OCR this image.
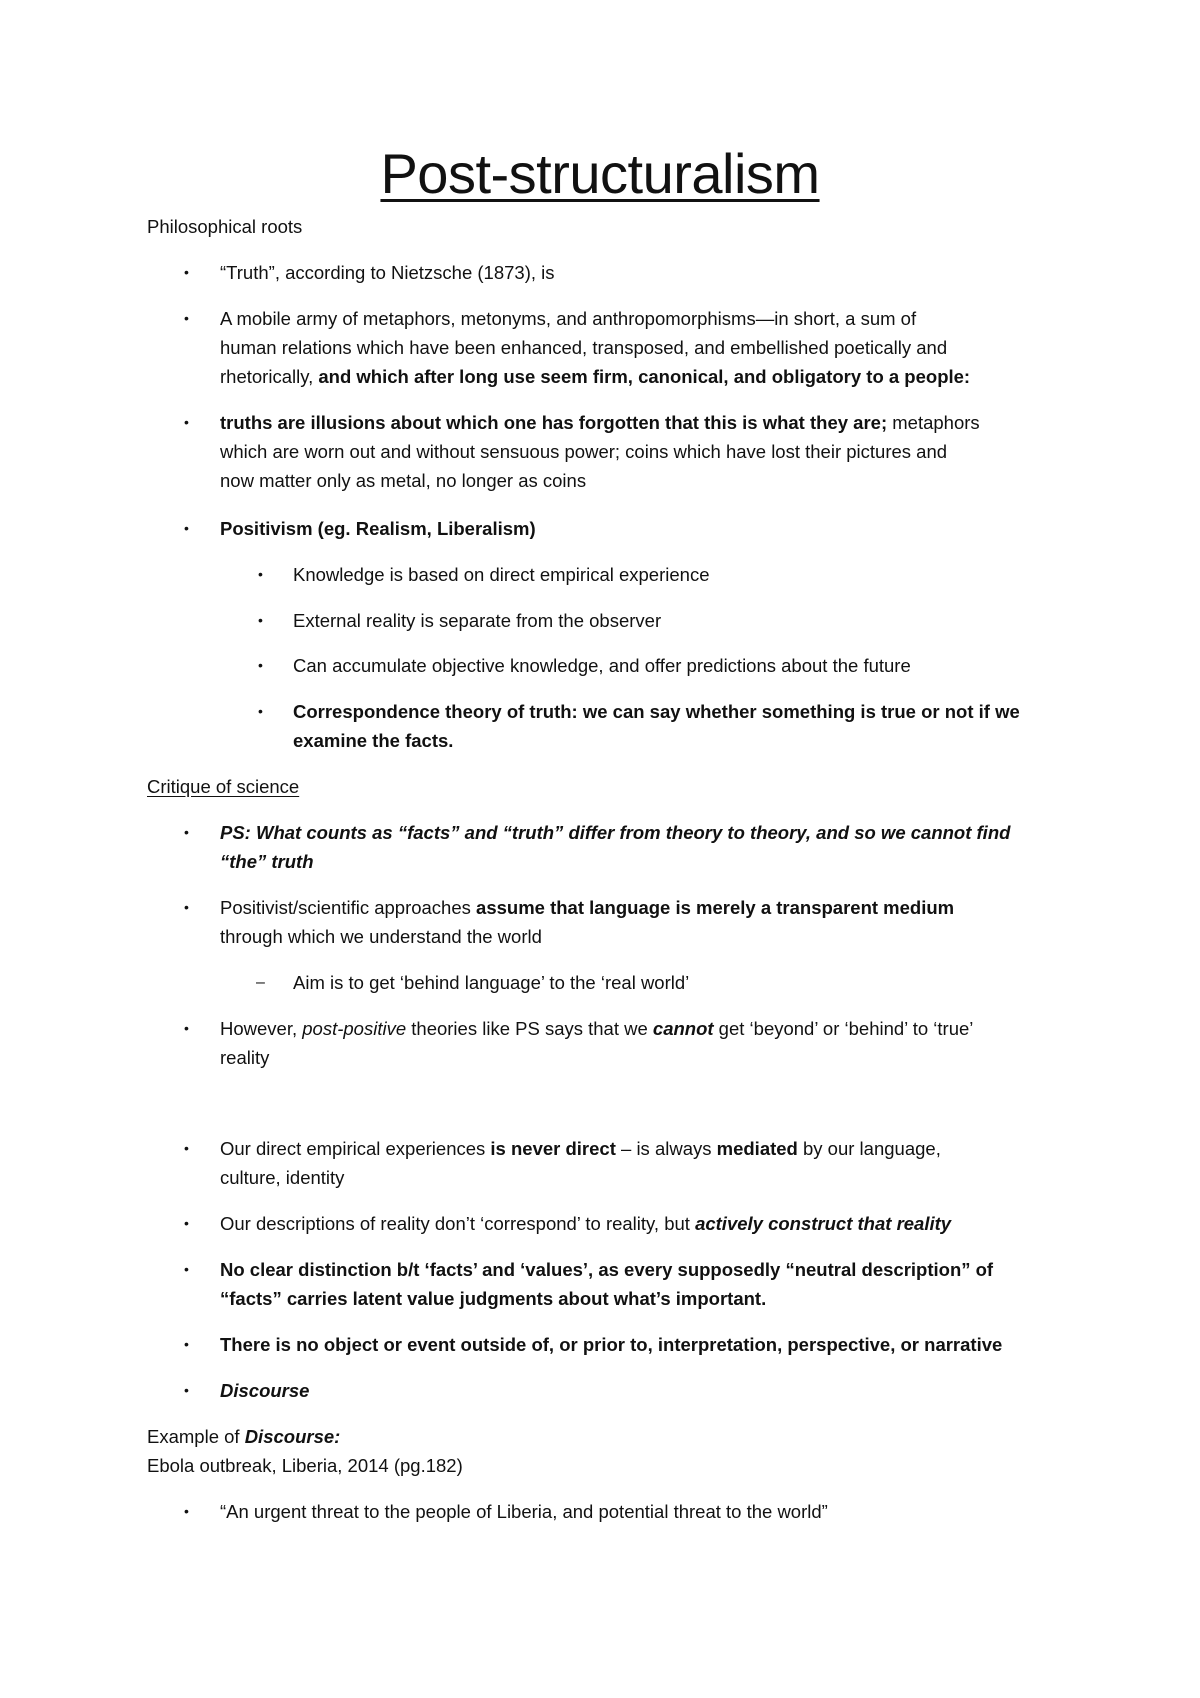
Post-structuralism
Philosophical roots
• “Truth”, according to Nietzsche (1873), is
• A mobile army of metaphors, metonyms, and anthropomorphisms—in short, a sum of
human relations which have been enhanced, transposed, and embellished poetically and
rhetorically, and which after long use seem firm, canonical, and obligatory to a people:
• truths are illusions about which one has forgotten that this is what they are; metaphors
which are worn out and without sensuous power; coins which have lost their pictures and
now matter only as metal, no longer as coins
• Positivism (eg. Realism, Liberalism)
• Knowledge is based on direct empirical experience
• External reality is separate from the observer
• Can accumulate objective knowledge, and offer predictions about the future
• Correspondence theory of truth: we can say whether something is true or not if we
examine the facts.
Critique of science
• PS: What counts as “facts” and “truth” differ from theory to theory, and so we cannot find
“the” truth
• Positivist/scientific approaches assume that language is merely a transparent medium
through which we understand the world
– Aim is to get ‘behind language’ to the ‘real world’
• However, post-positive theories like PS says that we cannot get ‘beyond’ or ‘behind’ to ‘true’
reality
• Our direct empirical experiences is never direct – is always mediated by our language,
culture, identity
• Our descriptions of reality don’t ‘correspond’ to reality, but actively construct that reality
• No clear distinction b/t ‘facts’ and ‘values’, as every supposedly “neutral description” of
“facts” carries latent value judgments about what’s important.
• There is no object or event outside of, or prior to, interpretation, perspective, or narrative
• Discourse
Example of Discourse:
Ebola outbreak, Liberia, 2014 (pg.182)
• “An urgent threat to the people of Liberia, and potential threat to the world”
